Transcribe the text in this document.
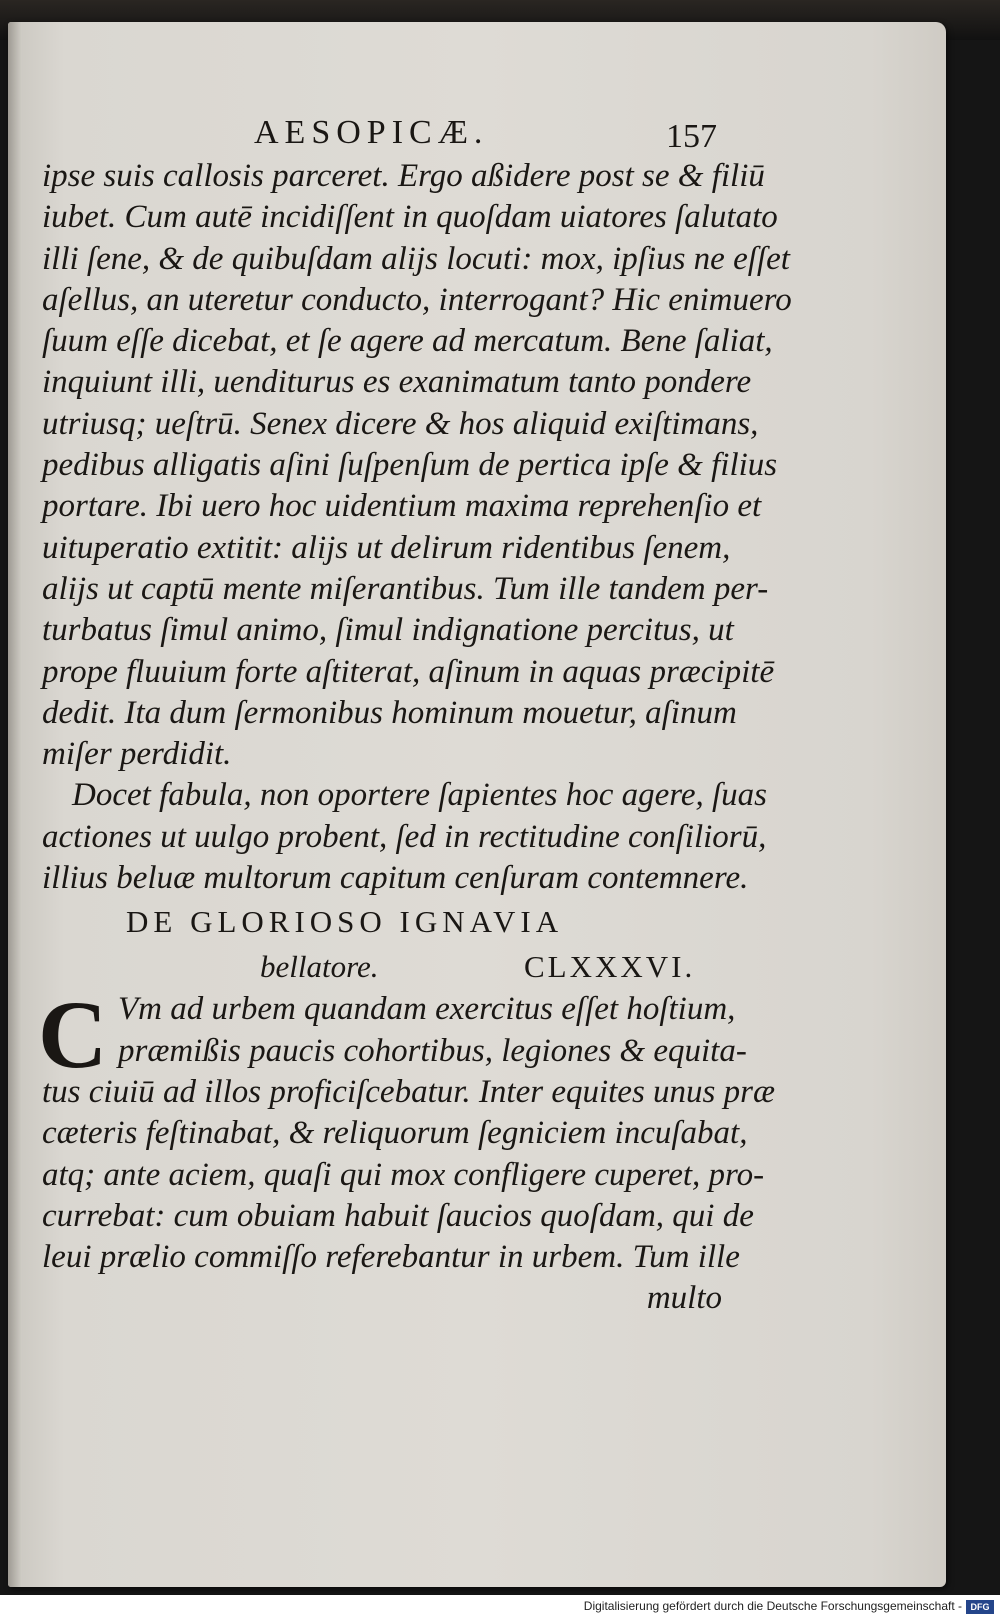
AESOPICÆ.	157
ipse suis callosis parceret. Ergo aßidere post se & filiū
iubet. Cum autē incidiſſent in quoſdam uiatores ſalutato
illi ſene, & de quibuſdam alijs locuti: mox, ipſius ne eſſet
aſellus, an uteretur conducto, interrogant? Hic enimuero
ſuum eſſe dicebat, et ſe agere ad mercatum. Bene ſaliat,
inquiunt illi, uenditurus es exanimatum tanto pondere
utriusq; ueſtrū. Senex dicere & hos aliquid exiſtimans,
pedibus alligatis aſini ſuſpenſum de pertica ipſe & filius
portare. Ibi uero hoc uidentium maxima reprehenſio et
uituperatio extitit: alijs ut delirum ridentibus ſenem,
alijs ut captū mente miſerantibus. Tum ille tandem per-
turbatus ſimul animo, ſimul indignatione percitus, ut
prope fluuium forte aſtiterat, aſinum in aquas præcipitē
dedit. Ita dum ſermonibus hominum mouetur, aſinum
miſer perdidit.
Docet fabula, non oportere ſapientes hoc agere, ſuas
actiones ut uulgo probent, ſed in rectitudine conſiliorū,
illius beluæ multorum capitum cenſuram contemnere.
DE GLORIOSO IGNAVIA
bellatore.	CLXXXVI.
C Vm ad urbem quandam exercitus eſſet hoſtium,
præmißis paucis cohortibus, legiones & equita-
tus ciuiū ad illos proficiſcebatur. Inter equites unus præ
cæteris feſtinabat, & reliquorum ſegniciem incuſabat,
atq; ante aciem, quaſi qui mox confligere cuperet, pro-
currebat: cum obuiam habuit ſaucios quoſdam, qui de
leui prælio commiſſo referebantur in urbem. Tum ille
multo
Digitalisierung gefördert durch die Deutsche Forschungsgemeinschaft - DFG
